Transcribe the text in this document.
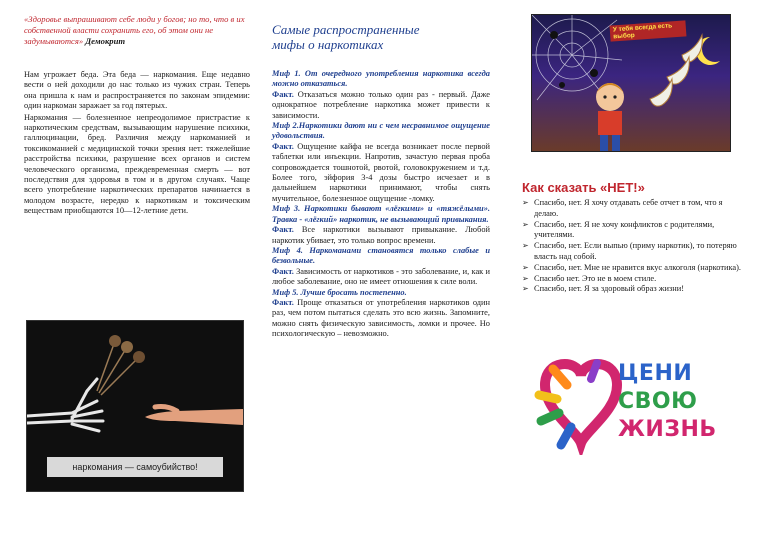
«Здоровье выпрашивают себе люди у богов; но то, что в их собственной власти сохранить его, об этом они не задумываются» Демокрит

Нам угрожает беда. Эта беда — наркомания. Еще недавно вести о ней доходили до нас только из чужих стран. Теперь она пришла к нам и распространяется по законам эпидемии: один наркоман заражает за год пятерых.

Наркомания — болезненное непреодолимое пристрастие к наркотическим средствам, вызывающим нарушение психики, галлюцинации, бред. Различия между наркоманией и токсикоманией с медицинской точки зрения нет: тяжелейшие расстройства психики, разрушение всех органов и систем человеческого организма, преждевременная смерть — вот последствия для здоровья в том и в другом случаях. Чаще всего употребление наркотических препаратов начинается в молодом возрасте, нередко к наркотикам и токсическим веществам приобщаются 10—12-летние дети.

наркомания — самоубийство!
Самые распространенные
мифы о наркотиках

Миф 1. От очередного употребления наркотика всегда можно отказаться.

Факт. Отказаться можно только один раз - первый. Даже однократное потребление наркотика может привести к зависимости.

Миф 2.Наркотики дают ни с чем несравнимое ощущение удовольствия.

Факт. Ощущение кайфа не всегда возникает после первой таблетки или инъекции. Напротив, зачастую первая проба сопровождается тошнотой, рвотой, головокружением и т.д. Более того, эйфория 3-4 дозы быстро исчезает и в дальнейшем наркотики принимают, чтобы снять мучительное, болезненное ощущение -ломку.

Миф 3. Наркотики бывают «лёгкими» и «тяжёлыми». Травка - «лёгкий» наркотик, не вызывающий привыкания.

Факт. Все наркотики вызывают привыкание. Любой наркотик убивает, это только вопрос времени.

Миф 4. Наркоманами становятся только слабые и безвольные.

Факт. Зависимость от наркотиков - это заболевание, и, как и любое заболевание, оно не имеет отношения к силе воли.

Миф 5. Лучше бросать постепенно.

Факт. Проще отказаться от употребления наркотиков один раз, чем потом пытаться сделать это всю жизнь. Запомните, можно снять физическую зависимость, ломки и прочее. Но психологическую – невозможно.

У тебя всегда есть выбор
Как сказать «НЕТ!»
➢ Спасибо, нет. Я хочу отдавать себе отчет в том, что я делаю.
➢ Спасибо, нет. Я не хочу конфликтов с родителями, учителями.
➢ Спасибо, нет. Если выпью (приму наркотик), то потеряю власть над собой.
➢ Спасибо, нет. Мне не нравится вкус алкоголя (наркотика).
➢ Спасибо нет. Это не в моем стиле.
➢ Спасибо, нет. Я за здоровый образ жизни!
ЦЕНИ
СВОЮ
ЖИЗНЬ
